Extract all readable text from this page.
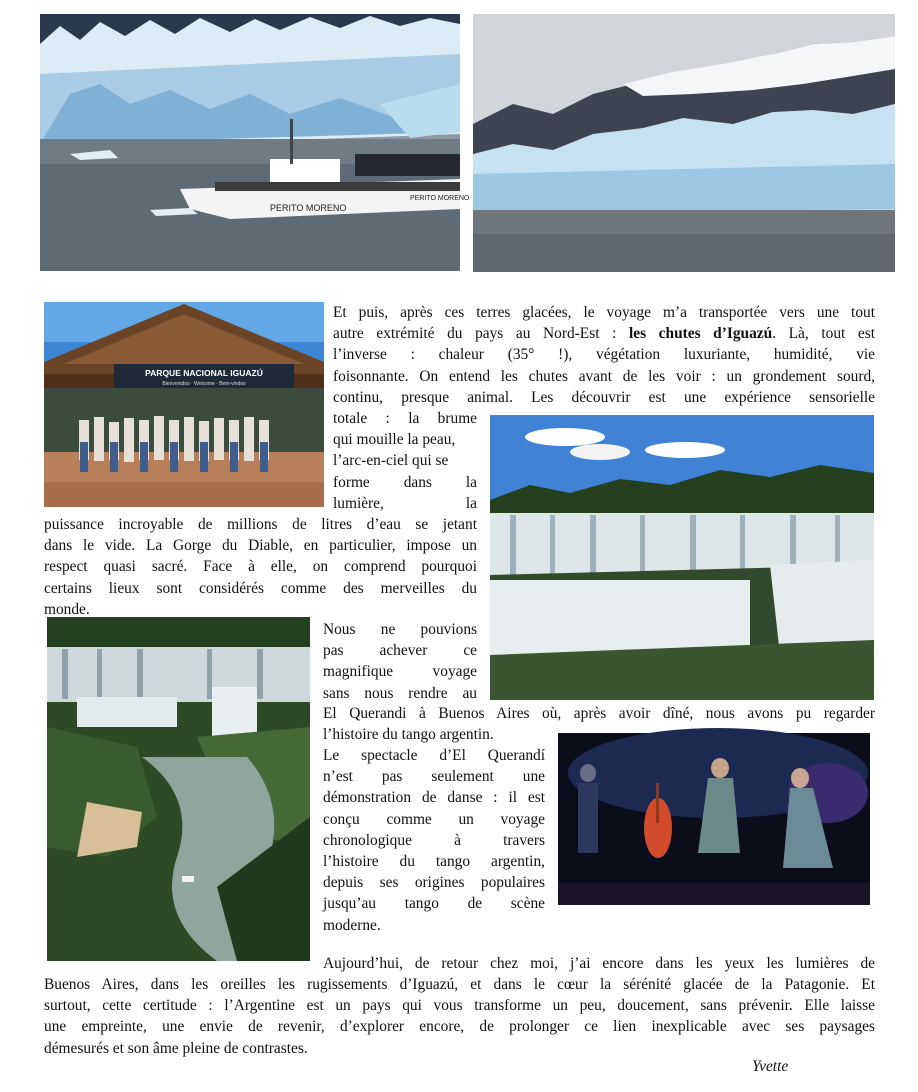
PERITO MORENO
PERITO MORENO
PARQUE NACIONAL IGUAZÚ
Bienvenidos · Welcome · Bem-vindos
Et puis, après ces terres glacées, le voyage m’a transportée vers une tout
autre extrémité du pays au Nord-Est : les chutes d’Iguazú. Là, tout est
l’inverse : chaleur (35° !), végétation luxuriante, humidité, vie
foisonnante. On entend les chutes avant de les voir : un grondement sourd,
continu, presque animal. Les découvrir est une expérience sensorielle
totale : la brume
qui mouille la peau,
l’arc-en-ciel qui se
forme dans la
lumière, la
puissance incroyable de millions de litres d’eau se jetant
dans le vide. La Gorge du Diable, en particulier, impose un
respect quasi sacré. Face à elle, on comprend pourquoi
certains lieux sont considérés comme des merveilles du
monde.
Nous ne pouvions
pas achever ce
magnifique voyage
sans nous rendre au
El Querandi à Buenos Aires où, après avoir dîné, nous avons pu regarder
l’histoire du tango argentin.
Le spectacle d’El Querandí
n’est pas seulement une
démonstration de danse : il est
conçu comme un voyage
chronologique à travers
l’histoire du tango argentin,
depuis ses origines populaires
jusqu’au tango de scène
moderne.
Aujourd’hui, de retour chez moi, j’ai encore dans les yeux les lumières de
Buenos Aires, dans les oreilles les rugissements d’Iguazú, et dans le cœur la sérénité glacée de la Patagonie. Et
surtout, cette certitude : l’Argentine est un pays qui vous transforme un peu, doucement, sans prévenir. Elle laisse
une empreinte, une envie de revenir, d’explorer encore, de prolonger ce lien inexplicable avec ses paysages
démesurés et son âme pleine de contrastes.
Yvette
